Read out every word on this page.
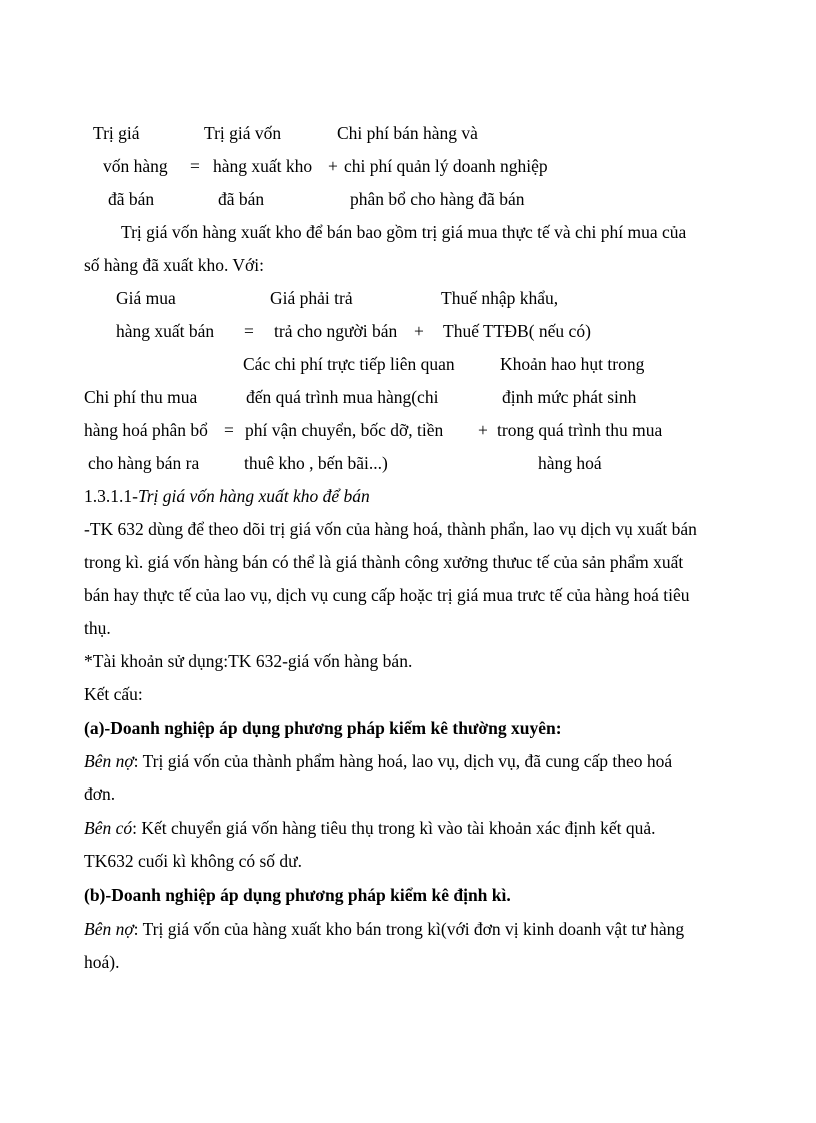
Trị giá	Trị giá vốn	Chi phí bán hàng và
vốn hàng = hàng xuất kho + chi phí quản lý doanh nghiệp
đã bán	đã bán	phân bổ cho hàng đã bán
Trị giá vốn hàng xuất kho để bán bao gồm trị giá mua thực tế và chi phí mua của
số hàng đã xuất kho. Với:
Giá mua	Giá phải trả	Thuế nhập khẩu,
hàng xuất bán = trả cho người bán + Thuế TTĐB( nếu có)
Các chi phí trực tiếp liên quan	Khoản hao hụt trong
Chi phí thu mua	đến quá trình mua hàng(chi	định mức phát sinh
hàng hoá phân bổ = phí vận chuyển, bốc dỡ, tiền + trong quá trình thu mua
cho hàng bán ra	thuê kho , bến bãi...)	hàng hoá
1.3.1.1-Trị giá vốn hàng xuất kho để bán
-TK 632 dùng để theo dõi trị giá vốn của hàng hoá, thành phẩn, lao vụ dịch vụ xuất bán
trong kì. giá vốn hàng bán có thể là giá thành công xưởng thưuc tế của sản phẩm xuất
bán hay thực tế của lao vụ, dịch vụ cung cấp hoặc trị giá mua trưc tế của hàng hoá tiêu
thụ.
*Tài khoản sử dụng:TK 632-giá vốn hàng bán.
Kết cấu:
(a)-Doanh nghiệp áp dụng phương pháp kiểm kê thường xuyên:
Bên nợ: Trị giá vốn của thành phẩm hàng hoá, lao vụ, dịch vụ, đã cung cấp theo hoá
đơn.
Bên có: Kết chuyển giá vốn hàng tiêu thụ trong kì vào tài khoản xác định kết quả.
TK632 cuối kì không có số dư.
(b)-Doanh nghiệp áp dụng phương pháp kiểm kê định kì.
Bên nợ: Trị giá vốn của hàng xuất kho bán trong kì(với đơn vị kinh doanh vật tư hàng
hoá).
